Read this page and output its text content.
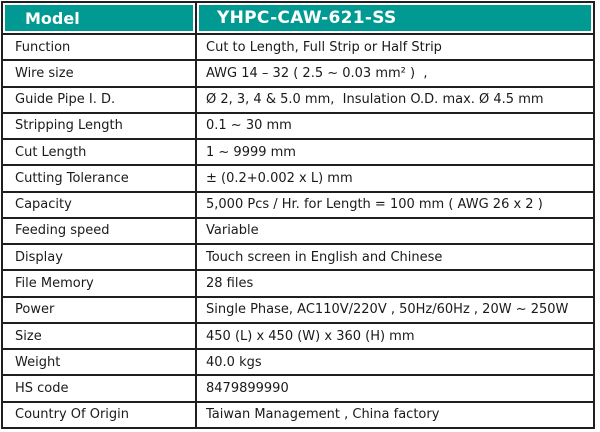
Model	YHPC-CAW-621-SS
Function	Cut to Length, Full Strip or Half Strip
Wire size	AWG 14 – 32 ( 2.5 ~ 0.03 mm² )  ,
Guide Pipe I. D.	Ø 2, 3, 4 & 5.0 mm,  Insulation O.D. max. Ø 4.5 mm
Stripping Length	0.1 ~ 30 mm
Cut Length	1 ~ 9999 mm
Cutting Tolerance	± (0.2+0.002 x L) mm
Capacity	5,000 Pcs / Hr. for Length = 100 mm ( AWG 26 x 2 )
Feeding speed	Variable
Display	Touch screen in English and Chinese
File Memory	28 files
Power	Single Phase, AC110V/220V , 50Hz/60Hz , 20W ~ 250W
Size	450 (L) x 450 (W) x 360 (H) mm
Weight	40.0 kgs
HS code	8479899990
Country Of Origin	Taiwan Management , China factory
